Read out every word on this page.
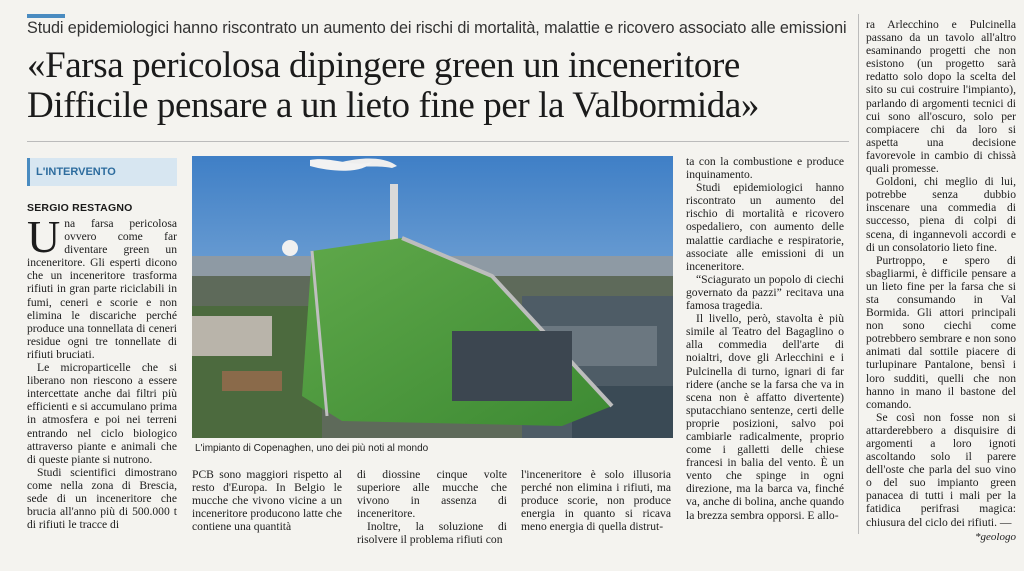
Studi epidemiologici hanno riscontrato un aumento dei rischi di mortalità, malattie e ricovero associato alle emissioni
«Farsa pericolosa dipingere green un inceneritore
Difficile pensare a un lieto fine per la Valbormida»
L'INTERVENTO
SERGIO RESTAGNO

Una farsa pericolosa ovvero come far diventare green un inceneritore. Gli esperti dicono che un inceneritore trasforma rifiuti in gran parte riciclabili in fumi, ceneri e scorie e non elimina le discariche perché produce una tonnellata di ceneri residue ogni tre tonnellate di rifiuti bruciati.

Le microparticelle che si liberano non riescono a essere intercettate anche dai filtri più efficienti e si accumulano prima in atmosfera e poi nei terreni entrando nel ciclo biologico attraverso piante e animali che di queste piante si nutrono.

Studi scientifici dimostrano come nella zona di Brescia, sede di un inceneritore che brucia all'anno più di 500.000 t di rifiuti le tracce di

L'impianto di Copenaghen, uno dei più noti al mondo

PCB sono maggiori rispetto al resto d'Europa. In Belgio le mucche che vivono vicine a un inceneritore producono latte che contiene una quantità

di diossine cinque volte superiore alle mucche che vivono in assenza di inceneritore.

Inoltre, la soluzione di risolvere il problema rifiuti con

l'inceneritore è solo illusoria perché non elimina i rifiuti, ma produce scorie, non produce energia in quanto si ricava meno energia di quella distrut-

ta con la combustione e produce inquinamento.

Studi epidemiologici hanno riscontrato un aumento del rischio di mortalità e ricovero ospedaliero, con aumento delle malattie cardiache e respiratorie, associate alle emissioni di un inceneritore.

“Sciagurato un popolo di ciechi governato da pazzi” recitava una famosa tragedia.

Il livello, però, stavolta è più simile al Teatro del Bagaglino o alla commedia dell'arte di noialtri, dove gli Arlecchini e i Pulcinella di turno, ignari di far ridere (anche se la farsa che va in scena non è affatto divertente) sputacchiano sentenze, certi delle proprie posizioni, salvo poi cambiarle radicalmente, proprio come i galletti delle chiese francesi in balia del vento. È un vento che spinge in ogni direzione, ma la barca va, finché va, anche di bolina, anche quando la brezza sembra opporsi. E allo-

ra Arlecchino e Pulcinella passano da un tavolo all'altro esaminando progetti che non esistono (un progetto sarà redatto solo dopo la scelta del sito su cui costruire l'impianto), parlando di argomenti tecnici di cui sono all'oscuro, solo per compiacere chi da loro si aspetta una decisione favorevole in cambio di chissà quali promesse.

Goldoni, chi meglio di lui, potrebbe senza dubbio inscenare una commedia di successo, piena di colpi di scena, di ingannevoli accordi e di un consolatorio lieto fine.

Purtroppo, e spero di sbagliarmi, è difficile pensare a un lieto fine per la farsa che si sta consumando in Val Bormida. Gli attori principali non sono ciechi come potrebbero sembrare e non sono animati dal sottile piacere di turlupinare Pantalone, bensì i loro sudditi, quelli che non hanno in mano il bastone del comando.

Se così non fosse non si attarderebbero a disquisire di argomenti a loro ignoti ascoltando solo il parere dell'oste che parla del suo vino o del suo impianto green panacea di tutti i mali per la fatidica perifrasi magica: chiusura del ciclo dei rifiuti. —

*geologo
